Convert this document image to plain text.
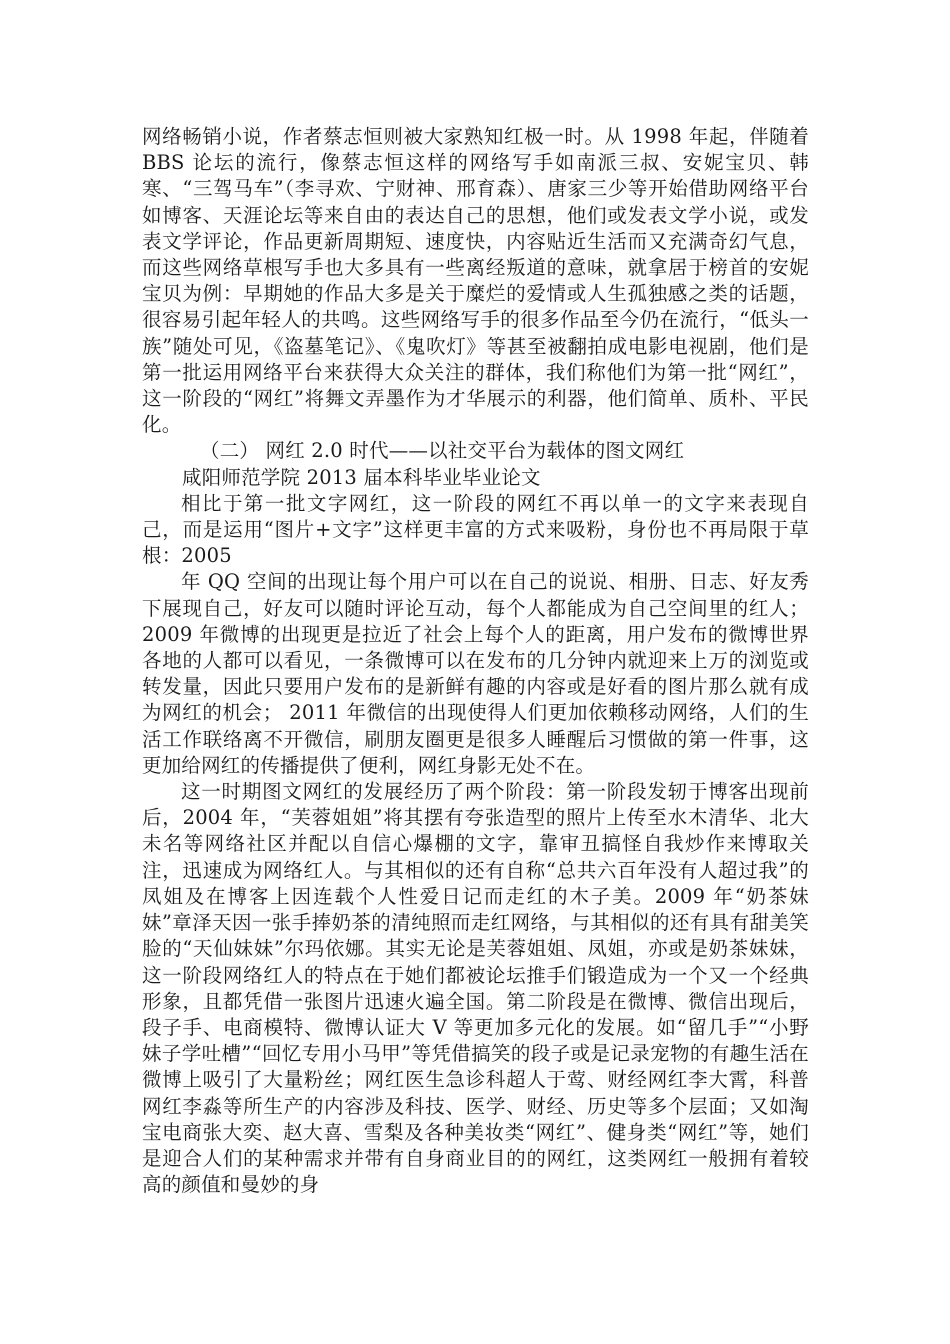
网络畅销小说，作者蔡志恒则被大家熟知红极一时。从 1998 年起，伴随着 BBS 论坛的流行，像蔡志恒这样的网络写手如南派三叔、安妮宝贝、韩寒、“三驾马车”（李寻欢、宁财神、邢育森）、唐家三少等开始借助网络平台如博客、天涯论坛等来自由的表达自己的思想，他们或发表文学小说，或发表文学评论，作品更新周期短、速度快，内容贴近生活而又充满奇幻气息，而这些网络草根写手也大多具有一些离经叛道的意味，就拿居于榜首的安妮宝贝为例：早期她的作品大多是关于糜烂的爱情或人生孤独感之类的话题，很容易引起年轻人的共鸣。这些网络写手的很多作品至今仍在流行，“低头一族”随处可见，《盗墓笔记》、《鬼吹灯》等甚至被翻拍成电影电视剧，他们是第一批运用网络平台来获得大众关注的群体，我们称他们为第一批“网红”，这一阶段的“网红”将舞文弄墨作为才华展示的利器，他们简单、质朴、平民化。

（二） 网红 2.0 时代——以社交平台为载体的图文网红

咸阳师范学院 2013 届本科毕业毕业论文

相比于第一批文字网红，这一阶段的网红不再以单一的文字来表现自己，而是运用“图片+文字”这样更丰富的方式来吸粉，身份也不再局限于草根：2005

年 QQ 空间的出现让每个用户可以在自己的说说、相册、日志、好友秀下展现自己，好友可以随时评论互动，每个人都能成为自己空间里的红人；2009 年微博的出现更是拉近了社会上每个人的距离，用户发布的微博世界各地的人都可以看见，一条微博可以在发布的几分钟内就迎来上万的浏览或转发量，因此只要用户发布的是新鲜有趣的内容或是好看的图片那么就有成为网红的机会； 2011 年微信的出现使得人们更加依赖移动网络，人们的生活工作联络离不开微信，刷朋友圈更是很多人睡醒后习惯做的第一件事，这更加给网红的传播提供了便利，网红身影无处不在。

这一时期图文网红的发展经历了两个阶段：第一阶段发轫于博客出现前后，2004 年，“芙蓉姐姐”将其摆有夸张造型的照片上传至水木清华、北大未名等网络社区并配以自信心爆棚的文字，靠审丑搞怪自我炒作来博取关注，迅速成为网络红人。与其相似的还有自称“总共六百年没有人超过我”的凤姐及在博客上因连载个人性爱日记而走红的木子美。2009 年“奶茶妹妹”章泽天因一张手捧奶茶的清纯照而走红网络，与其相似的还有具有甜美笑脸的“天仙妹妹”尔玛依娜。其实无论是芙蓉姐姐、凤姐，亦或是奶茶妹妹，这一阶段网络红人的特点在于她们都被论坛推手们锻造成为一个又一个经典形象，且都凭借一张图片迅速火遍全国。第二阶段是在微博、微信出现后，段子手、电商模特、微博认证大 V 等更加多元化的发展。如“留几手”“小野妹子学吐槽”“回忆专用小马甲”等凭借搞笑的段子或是记录宠物的有趣生活在微博上吸引了大量粉丝；网红医生急诊科超人于莺、财经网红李大霄，科普网红李淼等所生产的内容涉及科技、医学、财经、历史等多个层面；又如淘宝电商张大奕、赵大喜、雪梨及各种美妆类“网红”、健身类“网红”等，她们是迎合人们的某种需求并带有自身商业目的的网红，这类网红一般拥有着较高的颜值和曼妙的身
